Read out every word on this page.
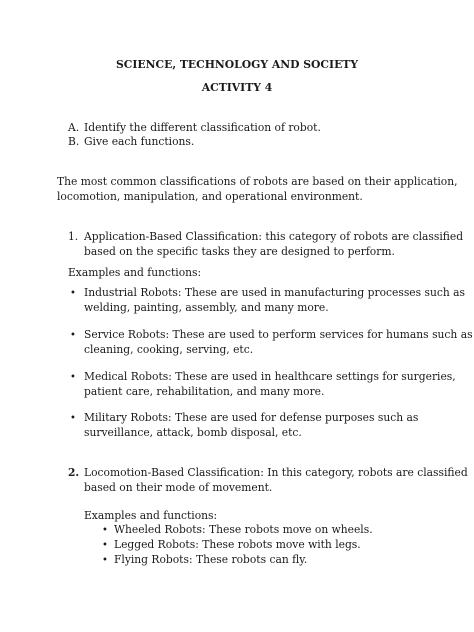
SCIENCE, TECHNOLOGY AND SOCIETY
ACTIVITY 4
A. Identify the different classification of robot.
B. Give each functions.
The most common classifications of robots are based on their application,
locomotion, manipulation, and operational environment.
1. Application-Based Classification: this category of robots are classified
based on the specific tasks they are designed to perform.
Examples and functions:
• Industrial Robots: These are used in manufacturing processes such as
welding, painting, assembly, and many more.
• Service Robots: These are used to perform services for humans such as
cleaning, cooking, serving, etc.
• Medical Robots: These are used in healthcare settings for surgeries,
patient care, rehabilitation, and many more.
• Military Robots: These are used for defense purposes such as
surveillance, attack, bomb disposal, etc.
2. Locomotion-Based Classification: In this category, robots are classified
based on their mode of movement.
Examples and functions:
• Wheeled Robots: These robots move on wheels.
• Legged Robots: These robots move with legs.
• Flying Robots: These robots can fly.
